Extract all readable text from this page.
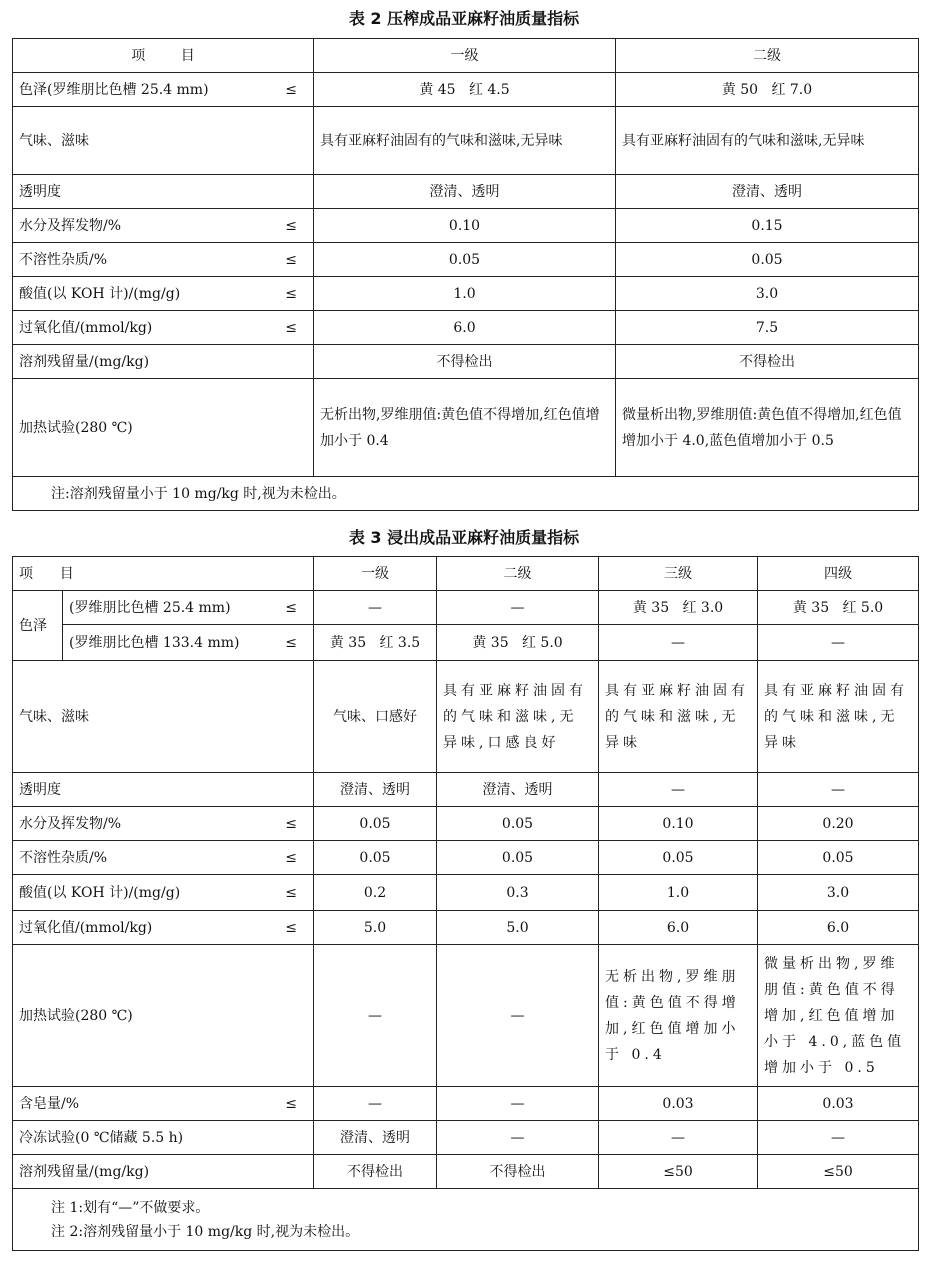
表 2 压榨成品亚麻籽油质量指标
项        目	一级	二级

色泽(罗维朋比色槽 25.4 mm) ≤	黄 45   红 4.5	黄 50   红 7.0

气味、滋味	具有亚麻籽油固有的气味和滋味,无异味	具有亚麻籽油固有的气味和滋味,无异味

透明度	澄清、透明	澄清、透明

水分及挥发物/% ≤	0.10	0.15

不溶性杂质/% ≤	0.05	0.05

酸值(以 KOH 计)/(mg/g) ≤	1.0	3.0

过氧化值/(mmol/kg) ≤	6.0	7.5

溶剂残留量/(mg/kg)	不得检出	不得检出

加热试验(280 ℃)	无析出物,罗维朋值:黄色值不得增加,红色值增加小于 0.4	微量析出物,罗维朋值:黄色值不得增加,红色值增加小于 4.0,蓝色值增加小于 0.5
注:溶剂残留量小于 10 mg/kg 时,视为未检出。		
表 3 浸出成品亚麻籽油质量指标
项      目		一级	二级	三级	四级
色泽	(罗维朋比色槽 25.4 mm) ≤	—	—	黄 35   红 3.0	黄 35   红 5.0

	(罗维朋比色槽 133.4 mm) ≤	黄 35   红 3.5	黄 35   红 5.0	—	—

气味、滋味		气味、口感好	具有亚麻籽油固有的气味和滋味,无异味,口感良好	具有亚麻籽油固有的气味和滋味,无异味	具有亚麻籽油固有的气味和滋味,无异味

透明度		澄清、透明	澄清、透明	—	—

水分及挥发物/% ≤		0.05	0.05	0.10	0.20

不溶性杂质/% ≤		0.05	0.05	0.05	0.05

酸值(以 KOH 计)/(mg/g) ≤		0.2	0.3	1.0	3.0

过氧化值/(mmol/kg) ≤		5.0	5.0	6.0	6.0

加热试验(280 ℃)		—	—	无析出物,罗维朋值:黄色值不得增加,红色值增加小于 0.4	微量析出物,罗维朋值:黄色值不得增加,红色值增加小于 4.0,蓝色值增加小于 0.5

含皂量/% ≤		—	—	0.03	0.03

冷冻试验(0 ℃储藏 5.5 h)		澄清、透明	—	—	—

溶剂残留量/(mg/kg)		不得检出	不得检出	≤50	≤50

注 1:划有“—”不做要求。
注 2:溶剂残留量小于 10 mg/kg 时,视为未检出。					
